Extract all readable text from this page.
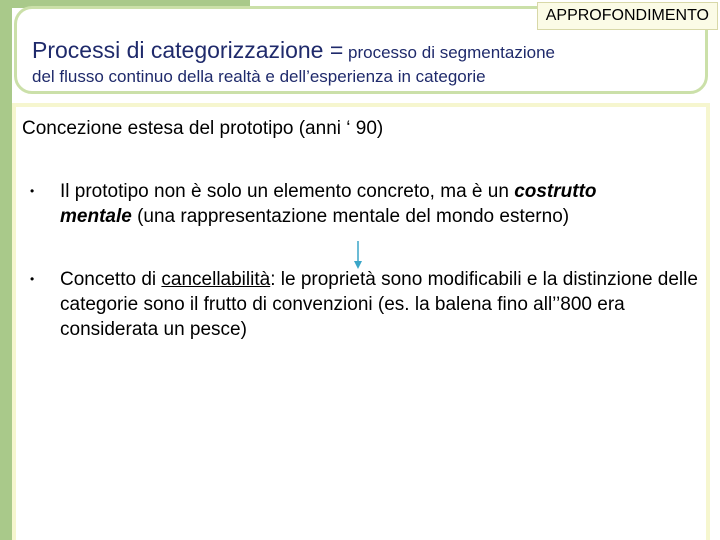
APPROFONDIMENTO
Processi di categorizzazione = processo di segmentazione
del flusso continuo della realtà e dell’esperienza in categorie
Concezione estesa del prototipo (anni ‘ 90)
• Il prototipo non è solo un elemento concreto, ma è un costrutto
mentale (una rappresentazione mentale del mondo esterno)

• Concetto di cancellabilità: le proprietà sono modificabili e la distinzione delle categorie sono il frutto di convenzioni (es. la balena fino all’’800 era considerata un pesce)
